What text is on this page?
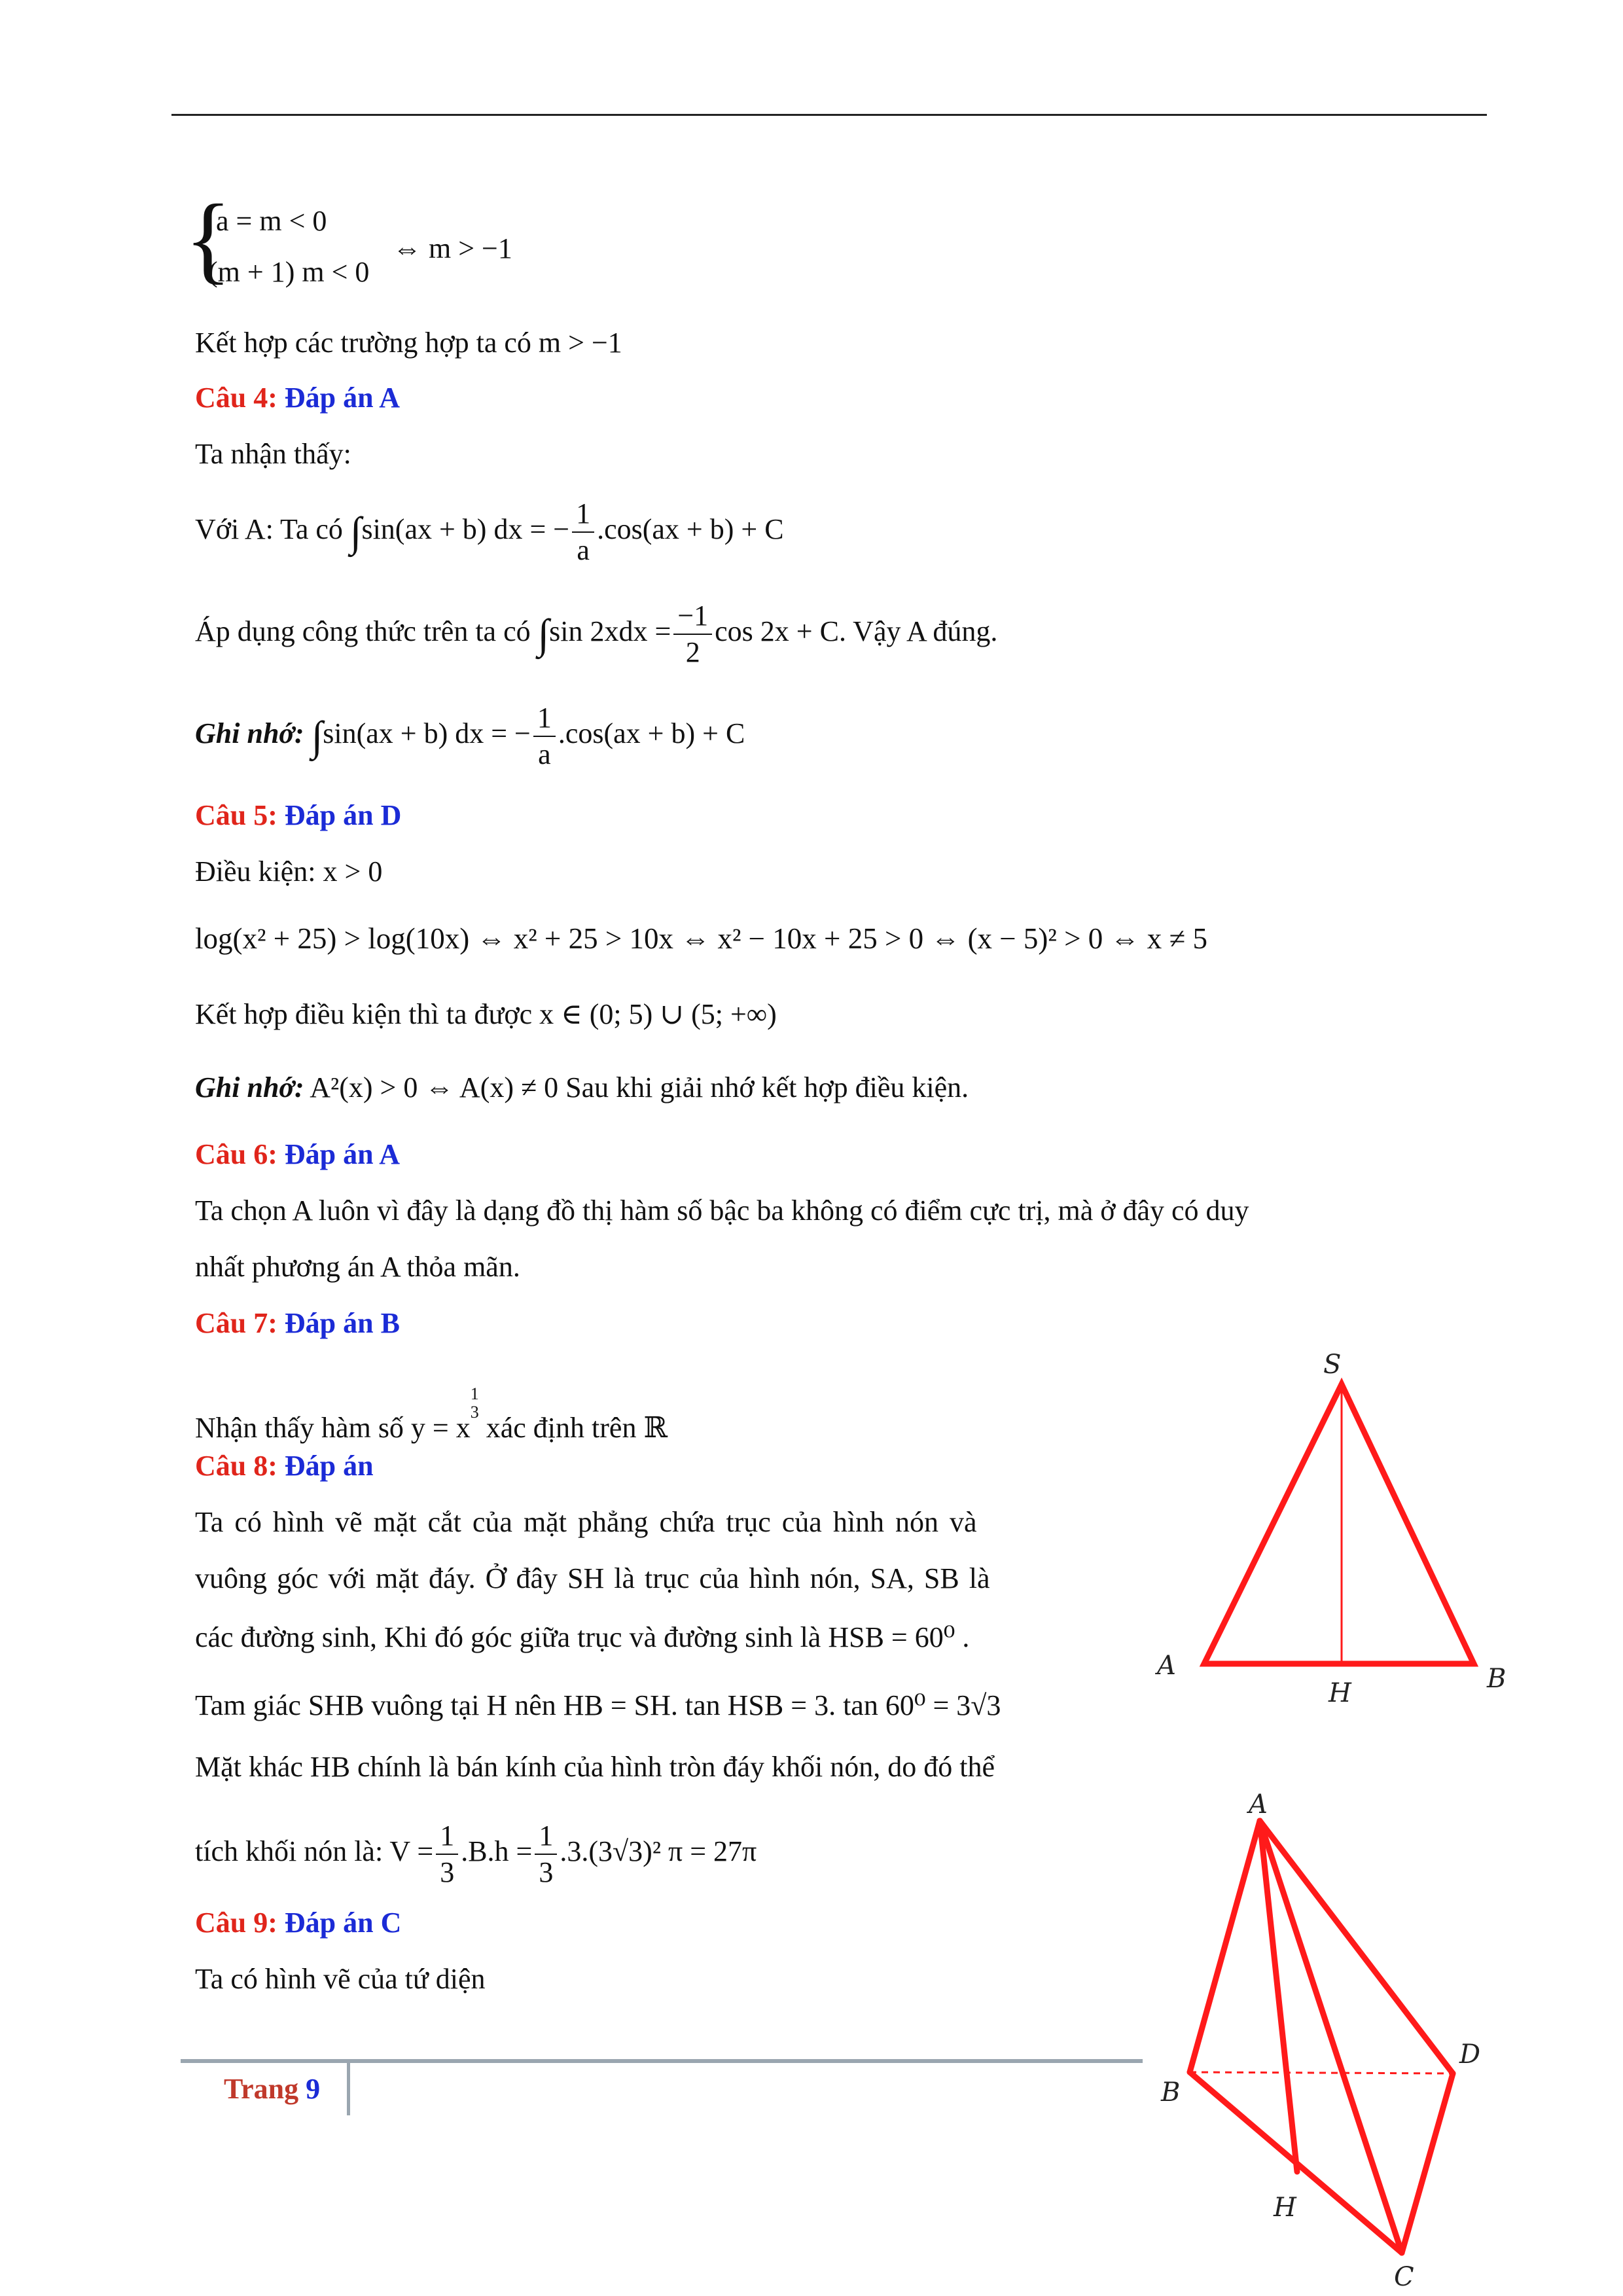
{
a = m < 0
(m + 1) m < 0
⇔ m > −1
Kết hợp các trường hợp ta có m > −1
Câu 4: Đáp án A
Ta nhận thấy:
Với A: Ta có ∫sin(ax + b) dx = − $\frac{1}{a} .\cos(ax + b) + C$
Áp dụng công thức trên ta có ∫sin $2xdx = \frac{-1}{2}$ cos 2x + C. Vậy A đúng.
Ghi nhớ: ∫sin(ax + b) dx = − $\frac{1}{a} .\cos(ax + b) + C$
Câu 5: Đáp án D
Điều kiện: x > 0
log(x² + 25) > log(10x) ⇔ x² + 25 > 10x ⇔ x² − 10x + 25 > 0 ⇔ (x − 5)² > 0 ⇔ x ≠ 5
Kết hợp điều kiện thì ta được x ∈ (0; 5) ∪ (5; +∞)
Ghi nhớ: A²(x) > 0 ⇔ A(x) ≠ 0 Sau khi giải nhớ kết hợp điều kiện.
Câu 6: Đáp án A
Ta chọn A luôn vì đây là dạng đồ thị hàm số bậc ba không có điểm cực trị, mà ở đây có duy
nhất phương án A thỏa mãn.
Câu 7: Đáp án B
Nhận thấy hàm số y = x
1
3 xác định trên ℝ
Câu 8: Đáp án
Ta có hình vẽ mặt cắt của mặt phẳng chứa trục của hình nón và
vuông góc với mặt đáy. Ở đây SH là trục của hình nón, SA, SB là
các đường sinh, Khi đó góc giữa trục và đường sinh là HSB = 60⁰ .
Tam giác SHB vuông tại H nên HB = SH. tan HSB = 3. tan 60⁰ = 3√3
Mặt khác HB chính là bán kính của hình tròn đáy khối nón, do đó thể
tích khối nón là: $V = \frac{1}{3} .B.h = \frac{1}{3} .3.(3√3)^2$ π = 27π
Câu 9: Đáp án C
Ta có hình vẽ của tứ diện
Trang 9
S
A
H	B
A
B
D
H
C
